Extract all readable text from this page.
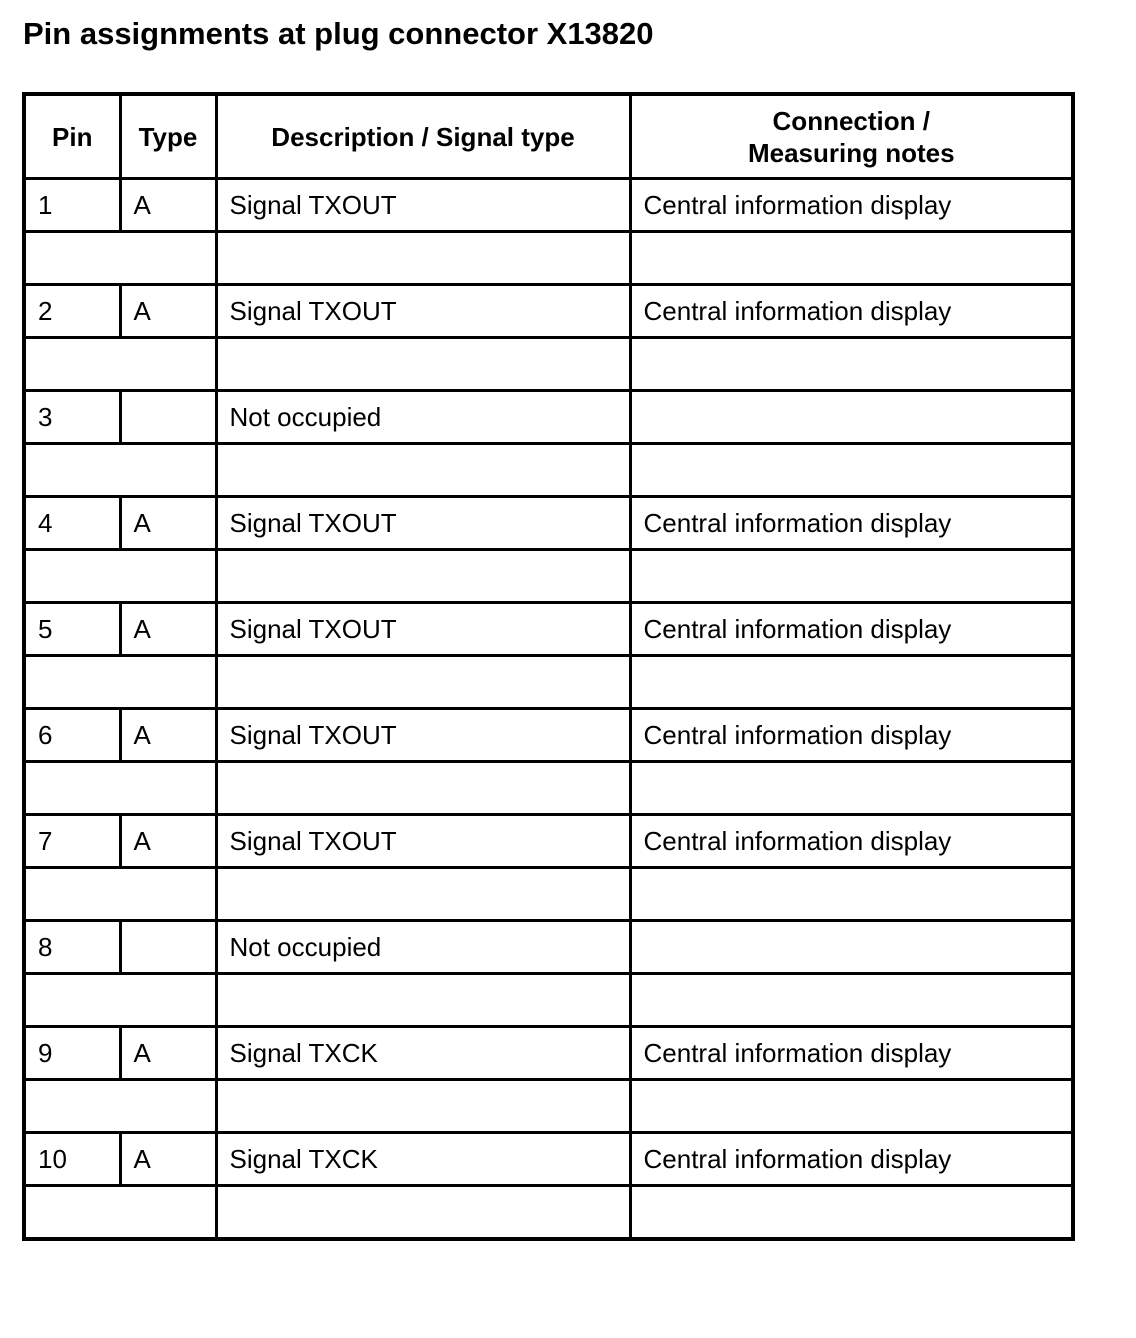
Pin assignments at plug connector X13820
Pin	Type	Description / Signal type	Connection /
Measuring notes
1	A	Signal TXOUT	Central information display

2	A	Signal TXOUT	Central information display

3		Not occupied	

4	A	Signal TXOUT	Central information display

5	A	Signal TXOUT	Central information display

6	A	Signal TXOUT	Central information display

7	A	Signal TXOUT	Central information display

8		Not occupied	

9	A	Signal TXCK	Central information display

10	A	Signal TXCK	Central information display
